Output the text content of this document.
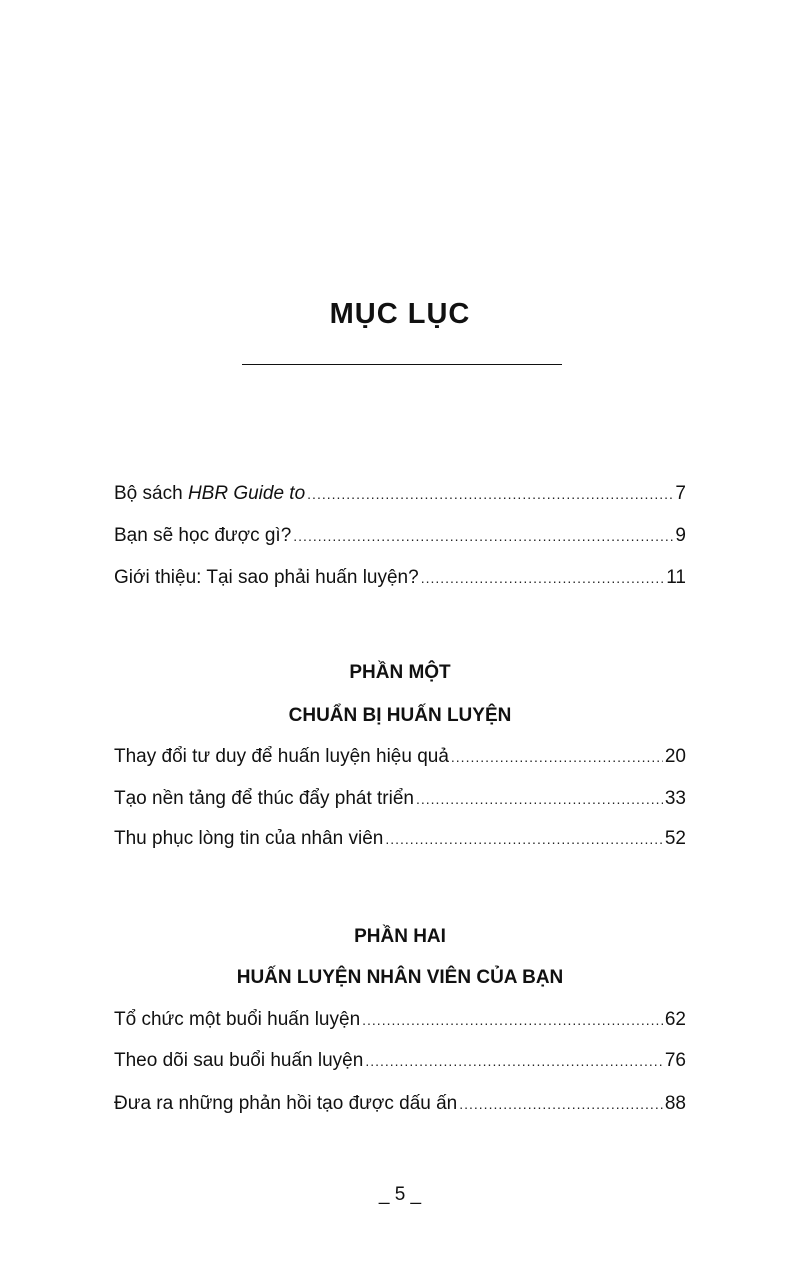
MỤC LỤC
Bộ sách HBR Guide to .....	7
Bạn sẽ học được gì? .....	9
Giới thiệu: Tại sao phải huấn luyện? .....	11
PHẦN MỘT
CHUẨN BỊ HUẤN LUYỆN
Thay đổi tư duy để huấn luyện hiệu quả .....	20
Tạo nền tảng để thúc đẩy phát triển .....	33
Thu phục lòng tin của nhân viên .....	52
PHẦN HAI
HUẤN LUYỆN NHÂN VIÊN CỦA BẠN
Tổ chức một buổi huấn luyện .....	62
Theo dõi sau buổi huấn luyện .....	76
Đưa ra những phản hồi tạo được dấu ấn .....	88
_ 5 _
